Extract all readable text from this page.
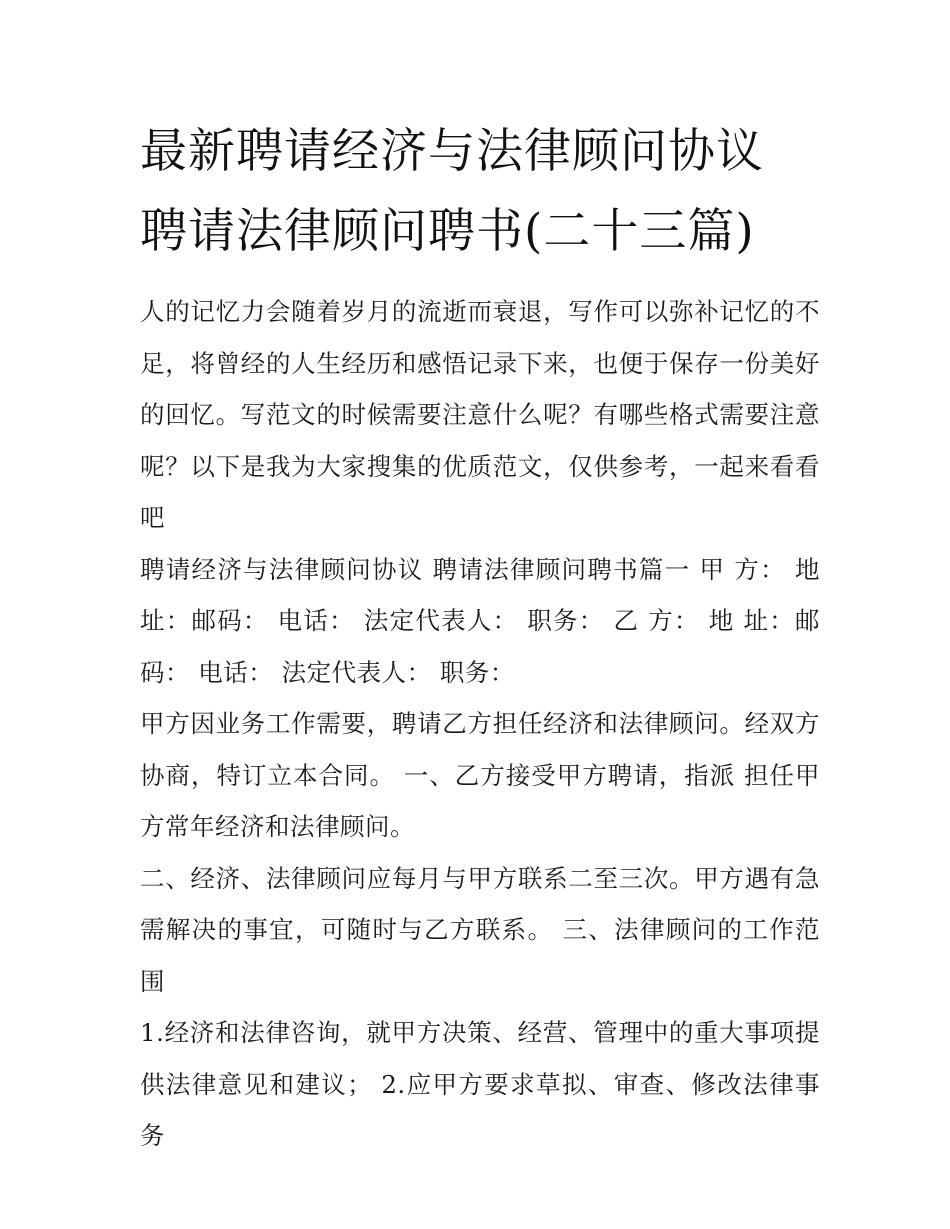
最新聘请经济与法律顾问协议
聘请法律顾问聘书(二十三篇)

人的记忆力会随着岁月的流逝而衰退，写作可以弥补记忆的不足，将曾经的人生经历和感悟记录下来，也便于保存一份美好的回忆。写范文的时候需要注意什么呢？有哪些格式需要注意呢？以下是我为大家搜集的优质范文，仅供参考，一起来看看吧

聘请经济与法律顾问协议 聘请法律顾问聘书篇一 甲 方： 地址：邮码： 电话： 法定代表人： 职务： 乙 方： 地 址：邮码： 电话： 法定代表人： 职务：

甲方因业务工作需要，聘请乙方担任经济和法律顾问。经双方协商，特订立本合同。 一、乙方接受甲方聘请，指派 担任甲方常年经济和法律顾问。

二、经济、法律顾问应每月与甲方联系二至三次。甲方遇有急需解决的事宜，可随时与乙方联系。 三、法律顾问的工作范围

1.经济和法律咨询，就甲方决策、经营、管理中的重大事项提供法律意见和建议； 2.应甲方要求草拟、审查、修改法律事务
